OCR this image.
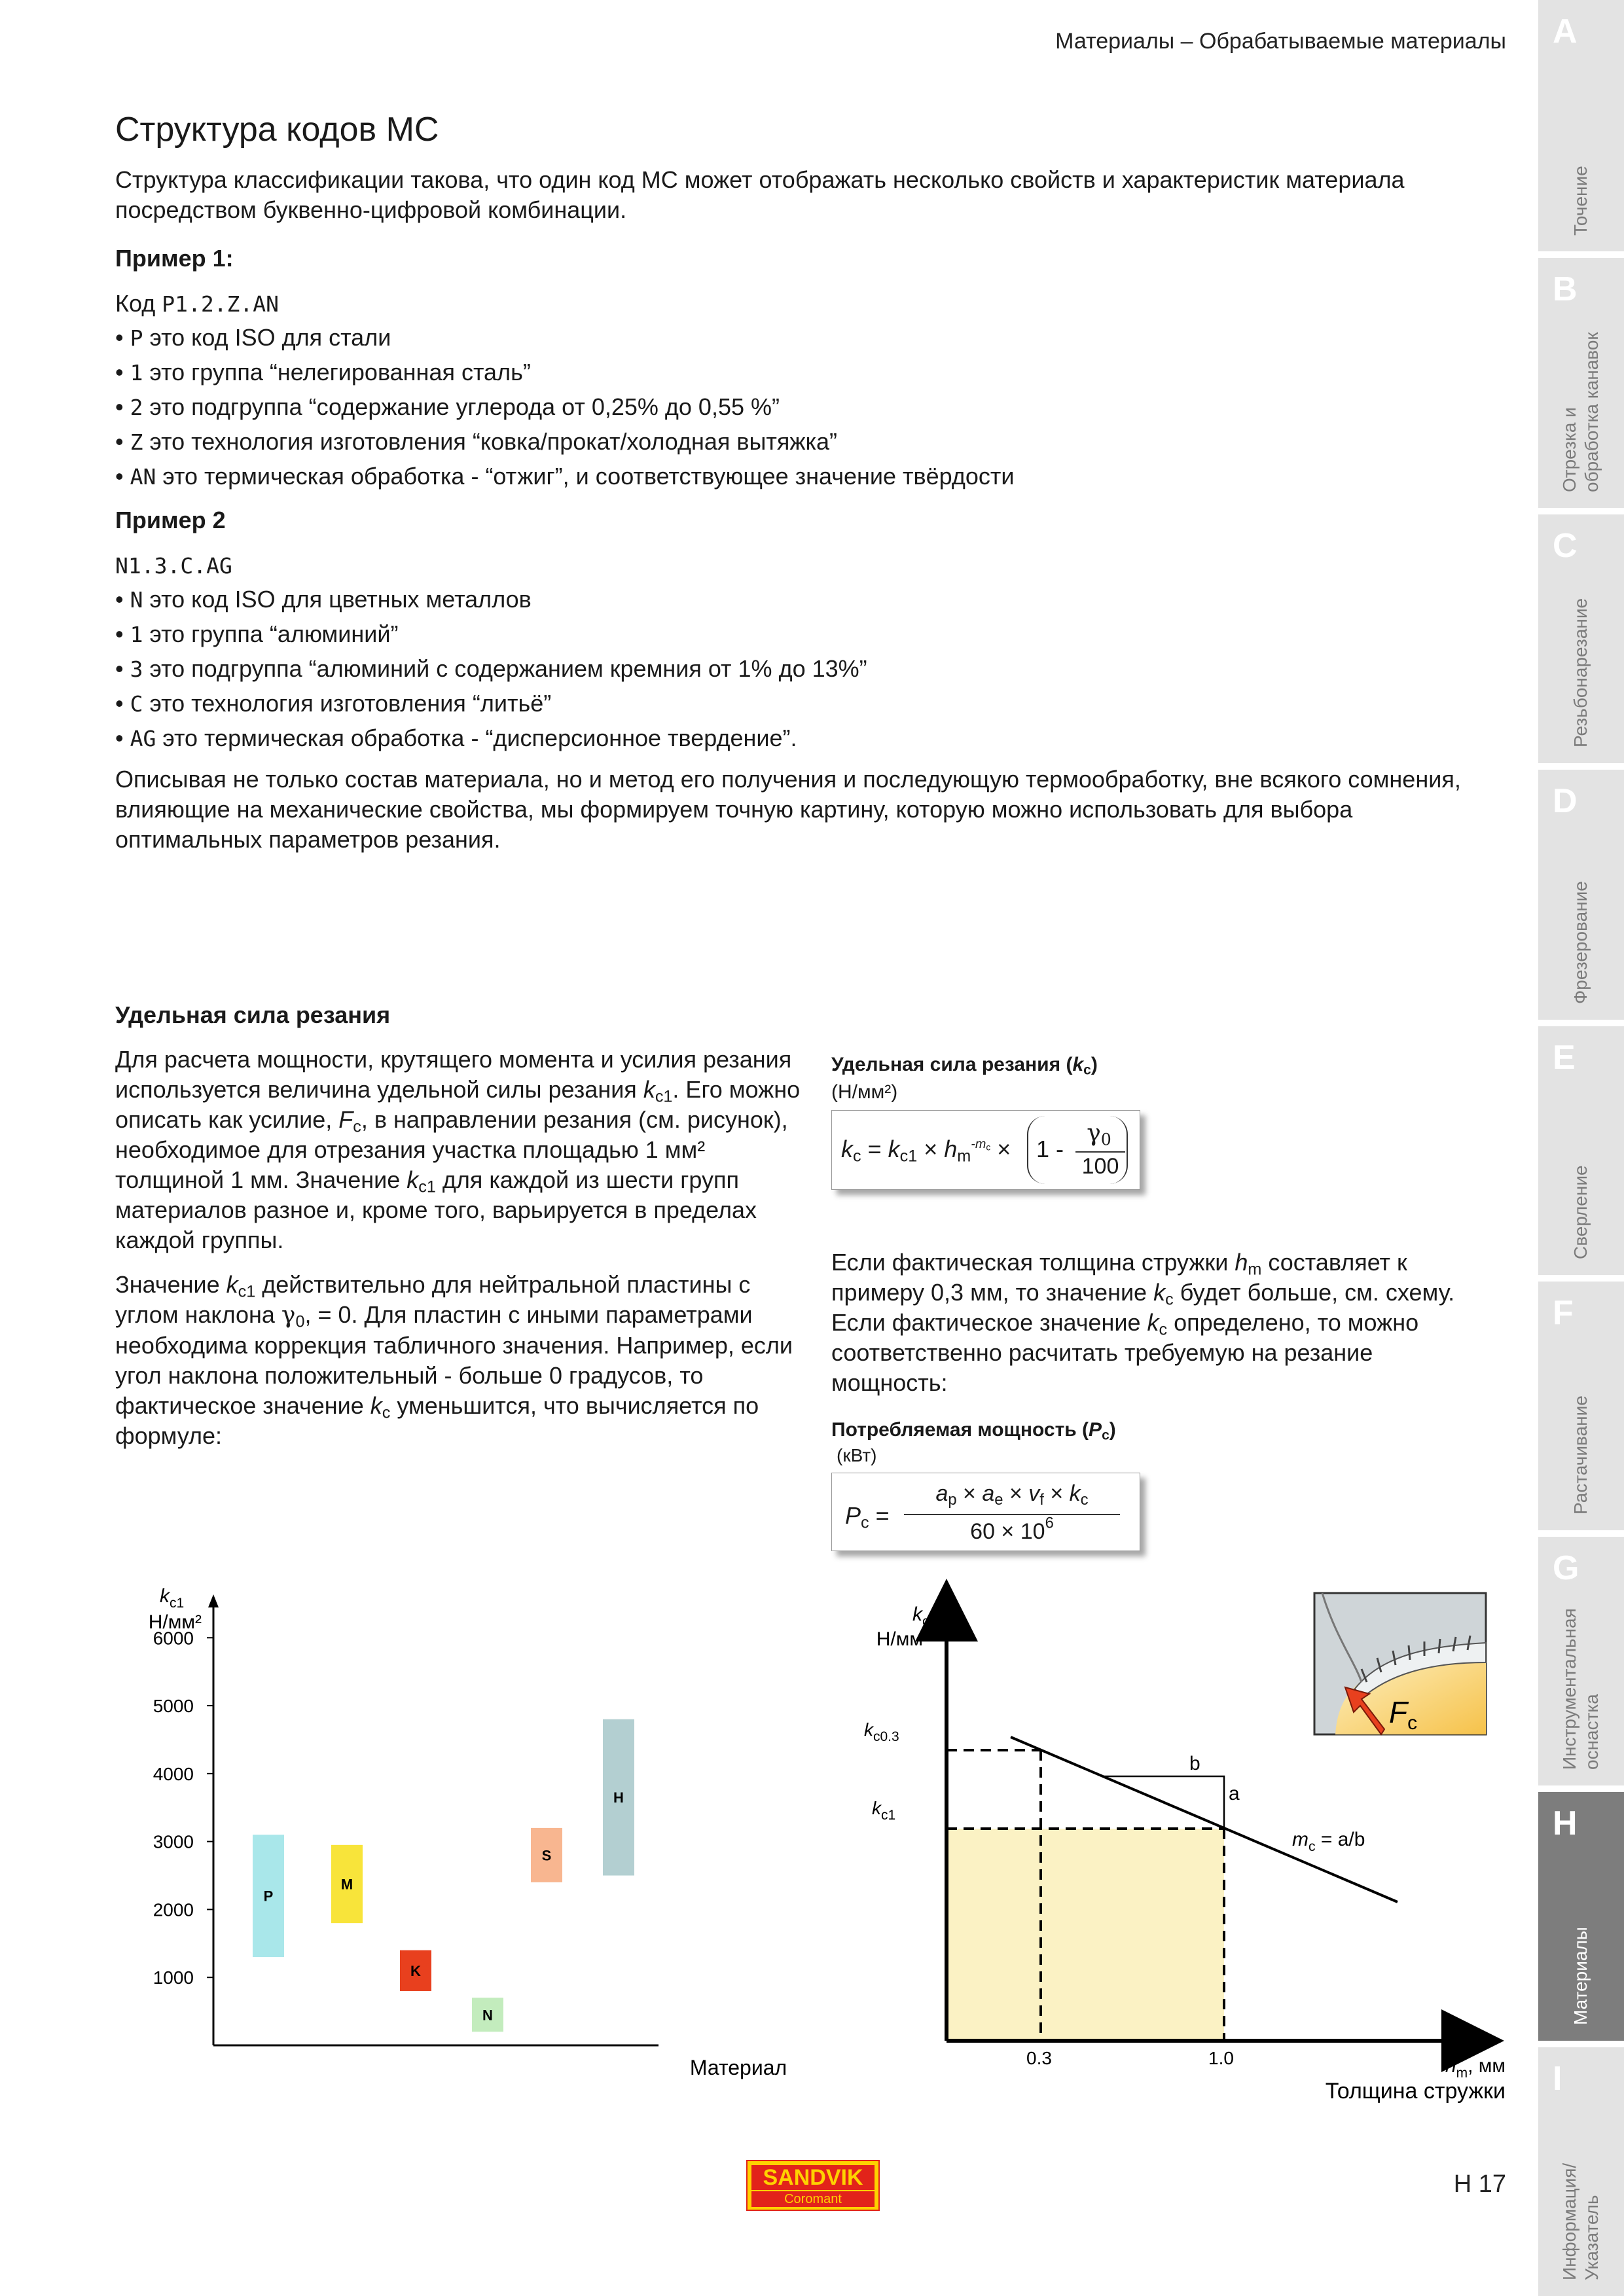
Материалы – Обрабатываемые материалы
Структура кодов МС
Структура классификации такова, что один код МС может отображать несколько свойств и характеристик материала посредством буквенно-цифровой комбинации.
Пример 1:
Код P1.2.Z.AN
• P это код ISO для стали
• 1 это группа “нелегированная сталь”
• 2 это подгруппа “содержание углерода от 0,25% до 0,55 %”
• Z это технология изготовления “ковка/прокат/холодная вытяжка”
• AN это термическая обработка - “отжиг”, и соответствующее значение твёрдости
Пример 2
N1.3.C.AG
• N это код ISO для цветных металлов
• 1 это группа “алюминий”
• 3 это подгруппа “алюминий с содержанием кремния от 1% до 13%”
• C это технология изготовления “литьё”
• AG это термическая обработка - “дисперсионное твердение”.
Описывая не только состав материала, но и метод его получения и последующую термообработку, вне всякого сомнения, влияющие на механические свойства, мы формируем точную картину, которую можно использовать для выбора оптимальных параметров резания.
Удельная сила резания
Для расчета мощности, крутящего момента и усилия резания используется величина удельной силы резания $k_{c1}$. Его можно описать как усилие, $F_c$, в направлении резания (см. рисунок), необходимое для отрезания участка площадью 1 мм² толщиной 1 мм. Значение $k_{c1}$ для каждой из шести групп материалов разное и, кроме того, варьируется в пределах каждой группы.
Значение $k_{c1}$ действительно для нейтральной пластины с углом наклона $\gamma_0$, = 0. Для пластин с иными параметрами необходима коррекция табличного значения. Например, если угол наклона положительный - больше 0 градусов, то фактическое значение $k_c$ уменьшится, что вычисляется по формуле:
Удельная сила резания $(k_c)$
(Н/мм²)
$k_c = k_{c1} \times h_m^{-m_c} \times 1$ -
$\gamma_0$
100
Если фактическая толщина стружки $h_m$ составляет к примеру 0,3 мм, то значение $k_c$ будет больше, см. схему. Если фактическое значение $k_c$ определено, то можно соответственно расчитать требуемую на резание мощность:
Потребляемая мощность $(P_c)$
(кВт)
$P_c$ =
$a_p \times a_e \times v_f \times k_c$
$60 \times 10^6$
$k_{c1}$
Н/мм²
1000
2000
3000
4000
5000
6000
P
M
K
N
S
H
Материал
b
a
$m_c = a/b$
$k_c$
Н/мм²
$k_{c0.3}$
$k_{c1}$
0.3	1.0	$h_m$, мм
Толщина стружки
$F_c$
A
Точение
B
Отрезка и обработка канавок
C
Резьбонарезание
D
Фрезерование
E
Сверление
F
Растачивание
G
Инструментальная оснастка
H
Материалы
I
Информация/ Указатель
SANDVIK
Coromant
H 17
